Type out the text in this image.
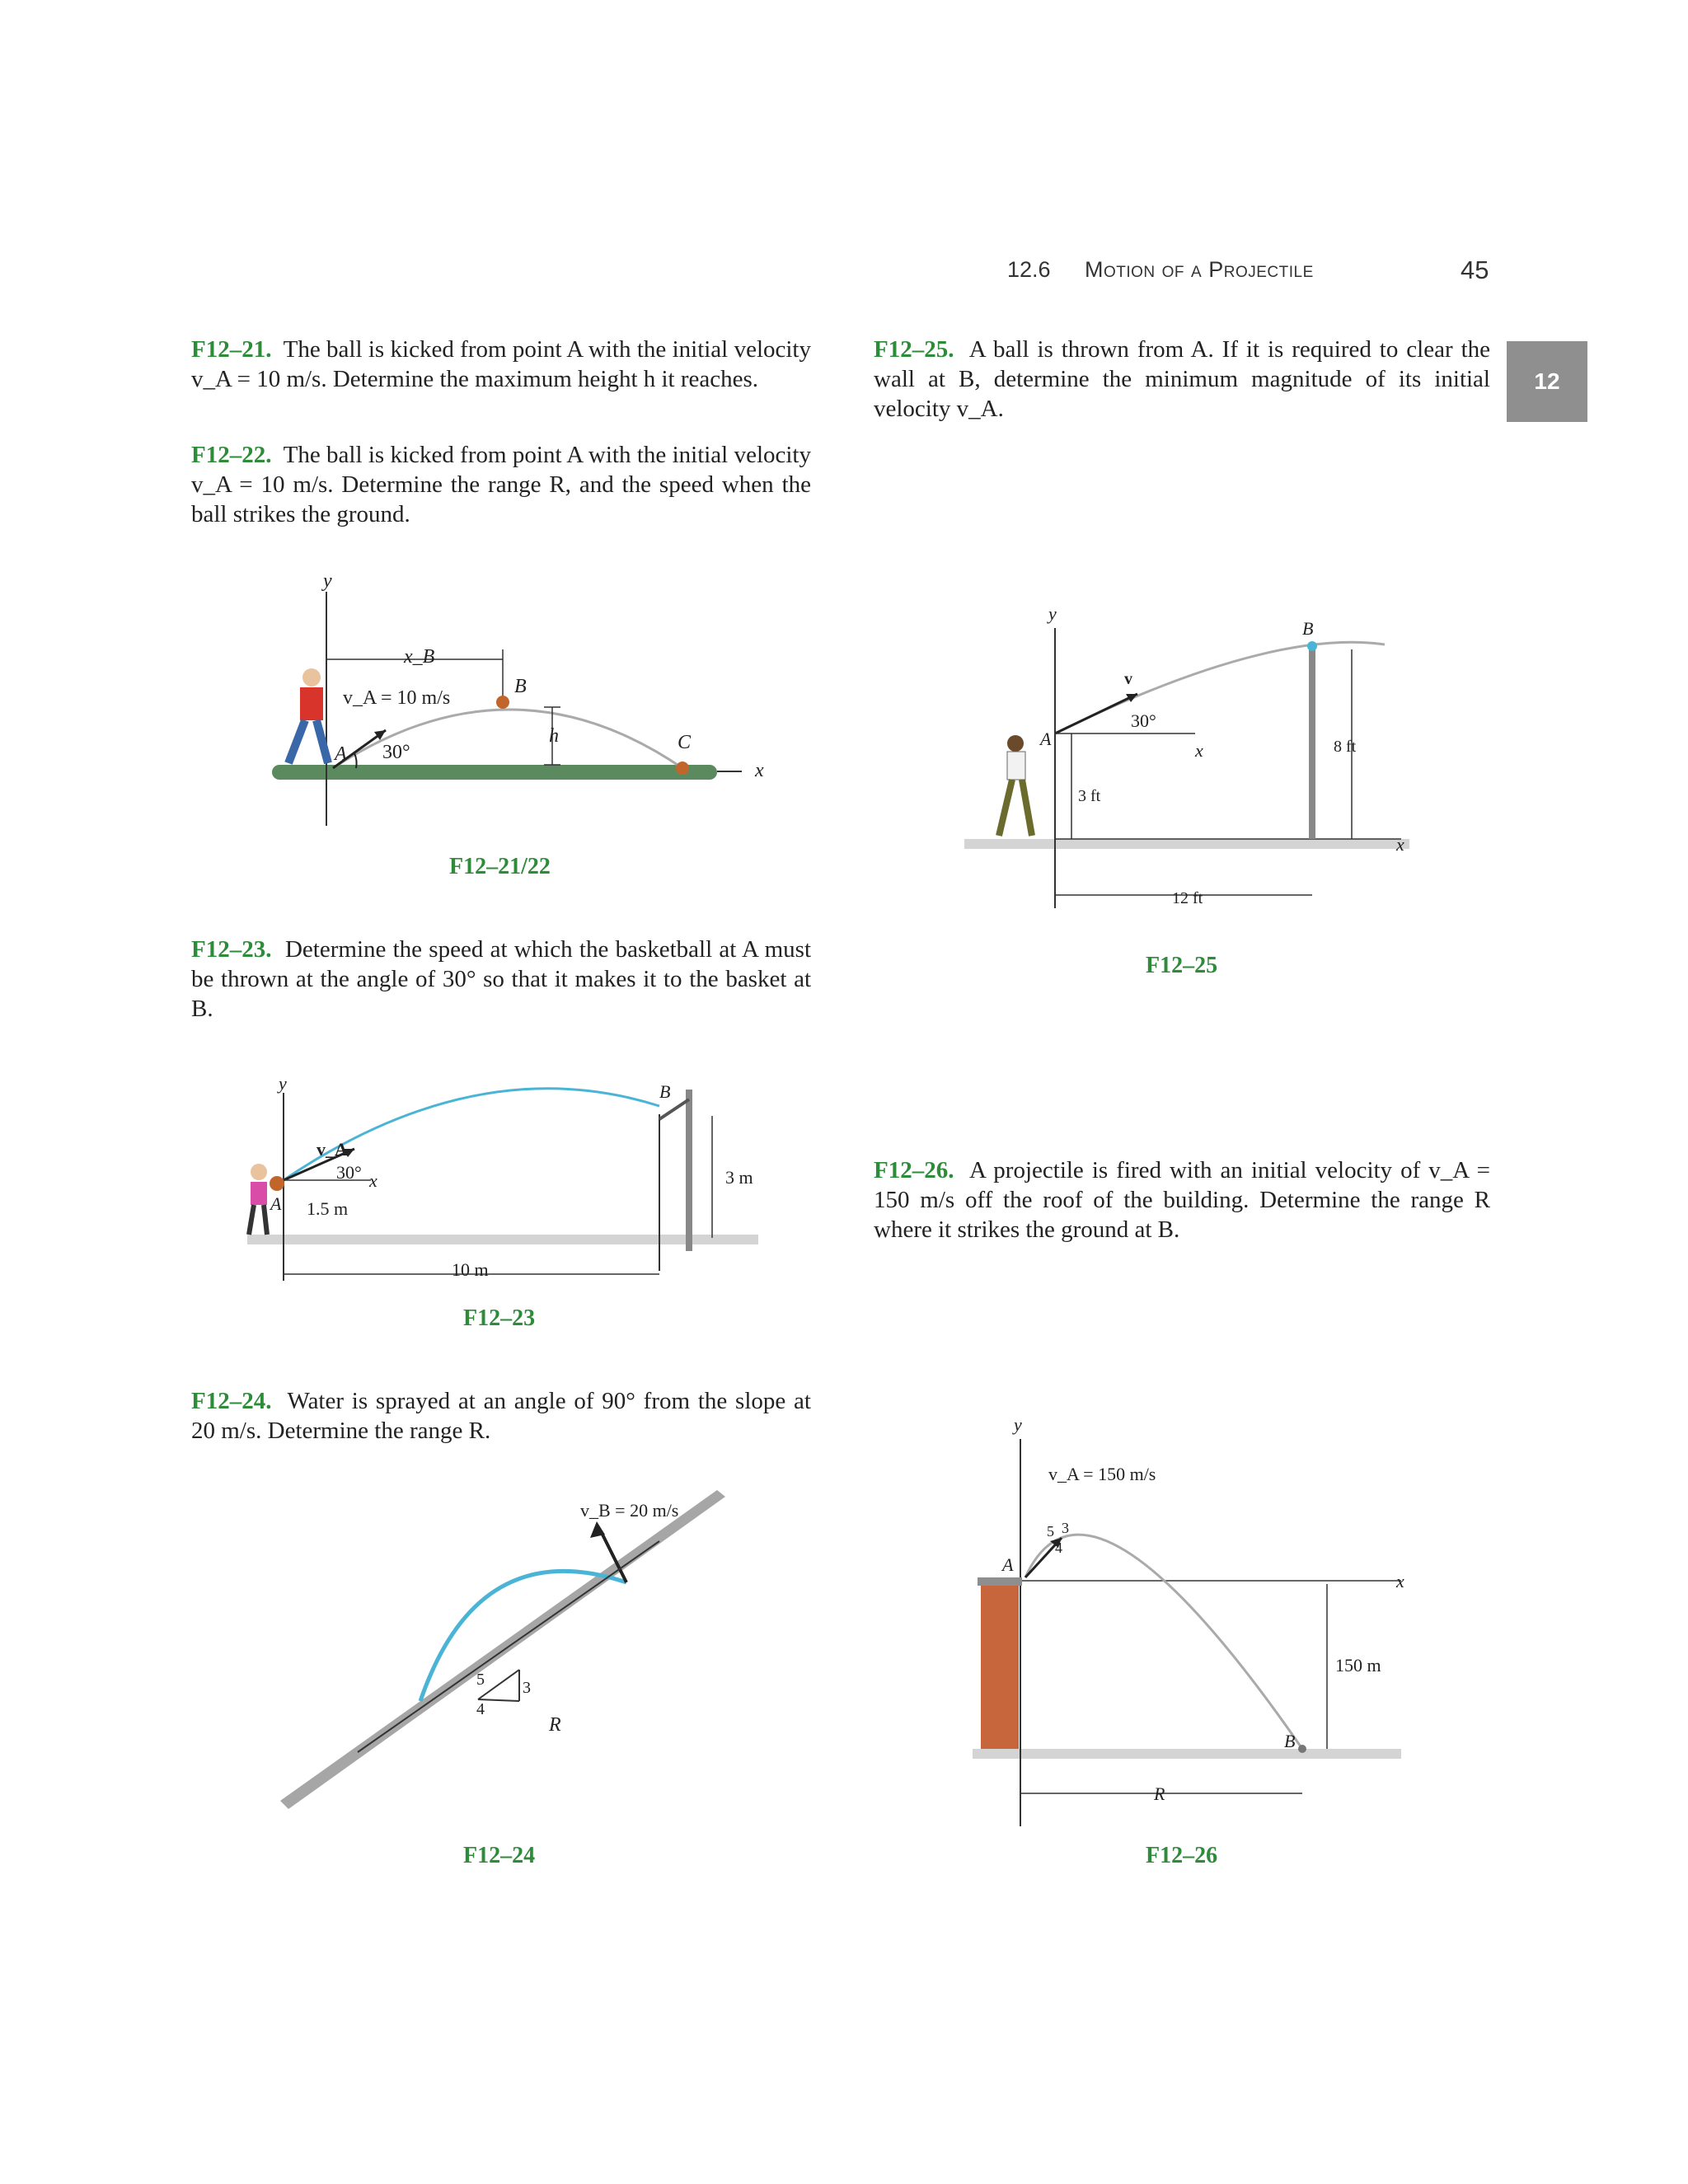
12.6 Motion of a Projectile	45
12

F12–21. The ball is kicked from point A with the initial velocity v_A = 10 m/s. Determine the maximum height h it reaches.

F12–22. The ball is kicked from point A with the initial velocity v_A = 10 m/s. Determine the range R, and the speed when the ball strikes the ground.

F12–23. Determine the speed at which the basketball at A must be thrown at the angle of 30° so that it makes it to the basket at B.

F12–24. Water is sprayed at an angle of 90° from the slope at 20 m/s. Determine the range R.

F12–25. A ball is thrown from A. If it is required to clear the wall at B, determine the minimum magnitude of its initial velocity v_A.

F12–26. A projectile is fired with an initial velocity of v_A = 150 m/s off the roof of the building. Determine the range R where it strikes the ground at B.

x_B
B
v_A = 10 m/s
A 30°
h	C
x
y
F12–21/22
y
v_A
30° x
A 1.5 m
B
3 m
10 m
F12–23
v_B = 20 m/s
5 3
4
R
F12–24
y
A
v
30°
x
B
3 ft
8 ft
12 ft
x
F12–25
y
v_A = 150 m/s
5 3
4
A
x
150 m
B
R
F12–26
